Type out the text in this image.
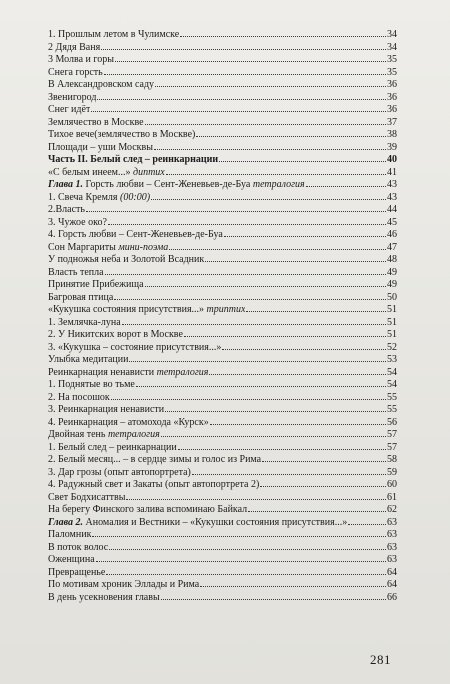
1. Прошлым летом в Чулимске	34
2 Дядя Ваня	34
3 Молва и горы	35
Снега горсть	35
В Александровском саду	36
Звенигород	36
Снег идёт	36
Землячество в Москве	37
Тихое вече(землячество в Москве)	38
Площади – уши Москвы	39
Часть II. Белый след – реинкарнации	40
«С белым инеем...» диптих	41
Глава 1. Горсть любви – Сент-Женевьев-де-Буа тетралогия	43
1. Свеча Кремля (00:00)	43
2.Власть	44
3. Чужое око?	45
4. Горсть любви – Сент-Женевьев-де-Буа	46
Сон Маргариты мини-поэма	47
У подножья неба и Золотой Всадник	48
Власть тепла	49
Принятие Прибежища	49
Багровая птица	50
«Кукушка состояния присутствия...» триптих	51
1. Землячка-луна	51
2. У Никитских ворот в Москве	51
3. «Кукушка – состояние присутствия...»	52
Улыбка медитации	53
Реинкарнация ненависти тетралогия	54
1. Поднятые во тьме	54
2. На посошок	55
3. Реинкарнация ненависти	55
4. Реинкарнация – атомохода «Курск»	56
Двойная тень тетралогия	57
1. Белый след – реинкарнации	57
2. Белый месяц... – в сердце зимы и голос из Рима	58
3. Дар грозы (опыт автопортрета)	59
4. Радужный свет и Закаты (опыт автопортрета 2)	60
Свет Бодхисаттвы	61
На берегу Финского залива вспоминаю Байкал	62
Глава 2. Аномалия и Вестники – «Кукушки состояния присутствия...»	63
Паломник	63
В поток волос	63
Оженщина	63
Превращенье	64
По мотивам хроник Эллады и Рима	64
В день усекновения главы	66
281
